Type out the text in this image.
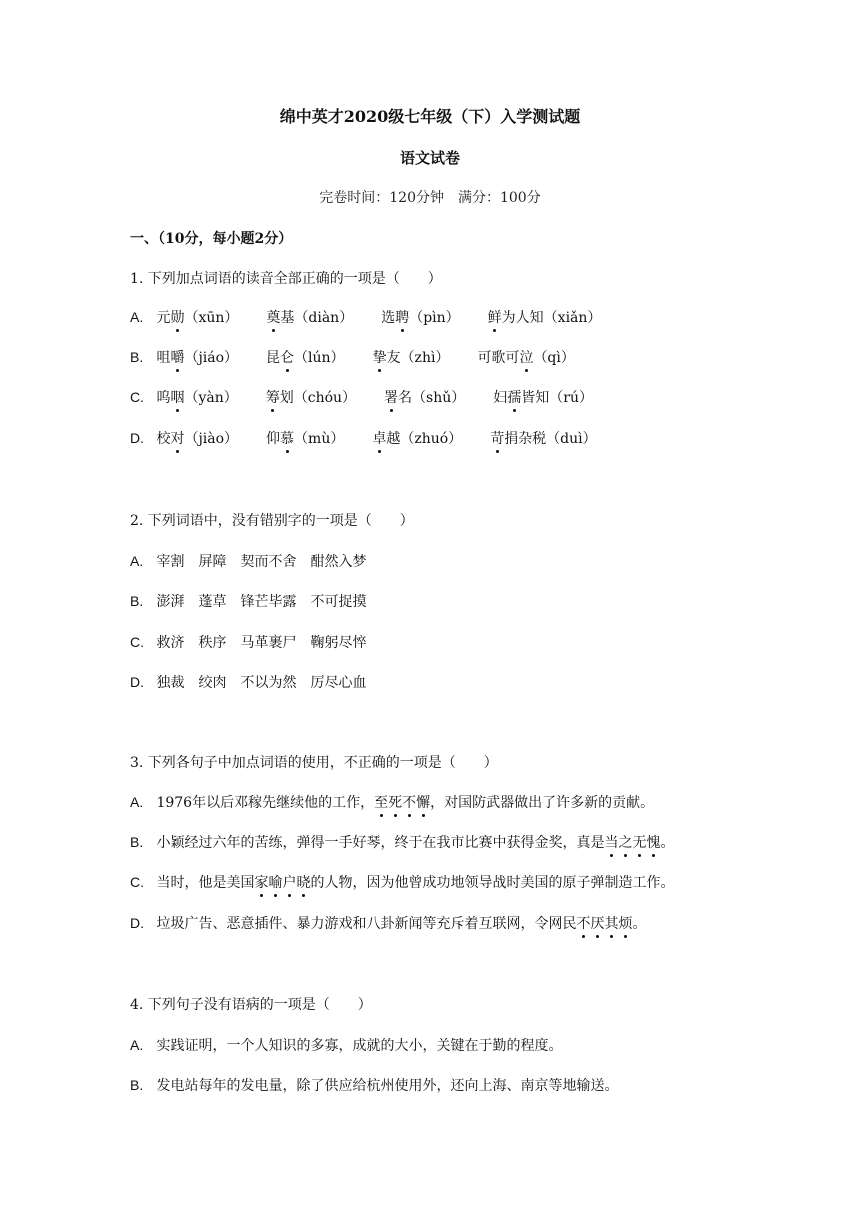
绵中英才2020级七年级（下）入学测试题
语文试卷
完卷时间：120分钟　满分：100分
一、（10分，每小题2分）
1. 下列加点词语的读音全部正确的一项是（　　）
A. 元勋（xūn） 奠基（diàn） 选聘（pìn） 鲜为人知（xiǎn）
B. 咀嚼（jiáo） 昆仑（lún） 挚友（zhì） 可歌可泣（qì）
C. 呜咽（yàn） 筹划（chóu） 署名（shǔ） 妇孺皆知（rú）
D. 校对（jiào） 仰慕（mù） 卓越（zhuó） 苛捐杂税（duì）
2. 下列词语中，没有错别字的一项是（　　）
A. 宰割　屏障　契而不舍　酣然入梦
B. 澎湃　蓬草　锋芒毕露　不可捉摸
C. 救济　秩序　马革裹尸　鞠躬尽悴
D. 独裁　绞肉　不以为然　厉尽心血
3. 下列各句子中加点词语的使用，不正确的一项是（　　）
A. 1976年以后邓稼先继续他的工作，至死不懈，对国防武器做出了许多新的贡献。
B. 小颖经过六年的苦练，弹得一手好琴，终于在我市比赛中获得金奖，真是当之无愧。
C. 当时，他是美国家喻户晓的人物，因为他曾成功地领导战时美国的原子弹制造工作。
D. 垃圾广告、恶意插件、暴力游戏和八卦新闻等充斥着互联网，令网民不厌其烦。
4. 下列句子没有语病的一项是（　　）
A. 实践证明，一个人知识的多寡，成就的大小，关键在于勤的程度。
B. 发电站每年的发电量，除了供应给杭州使用外，还向上海、南京等地输送。
